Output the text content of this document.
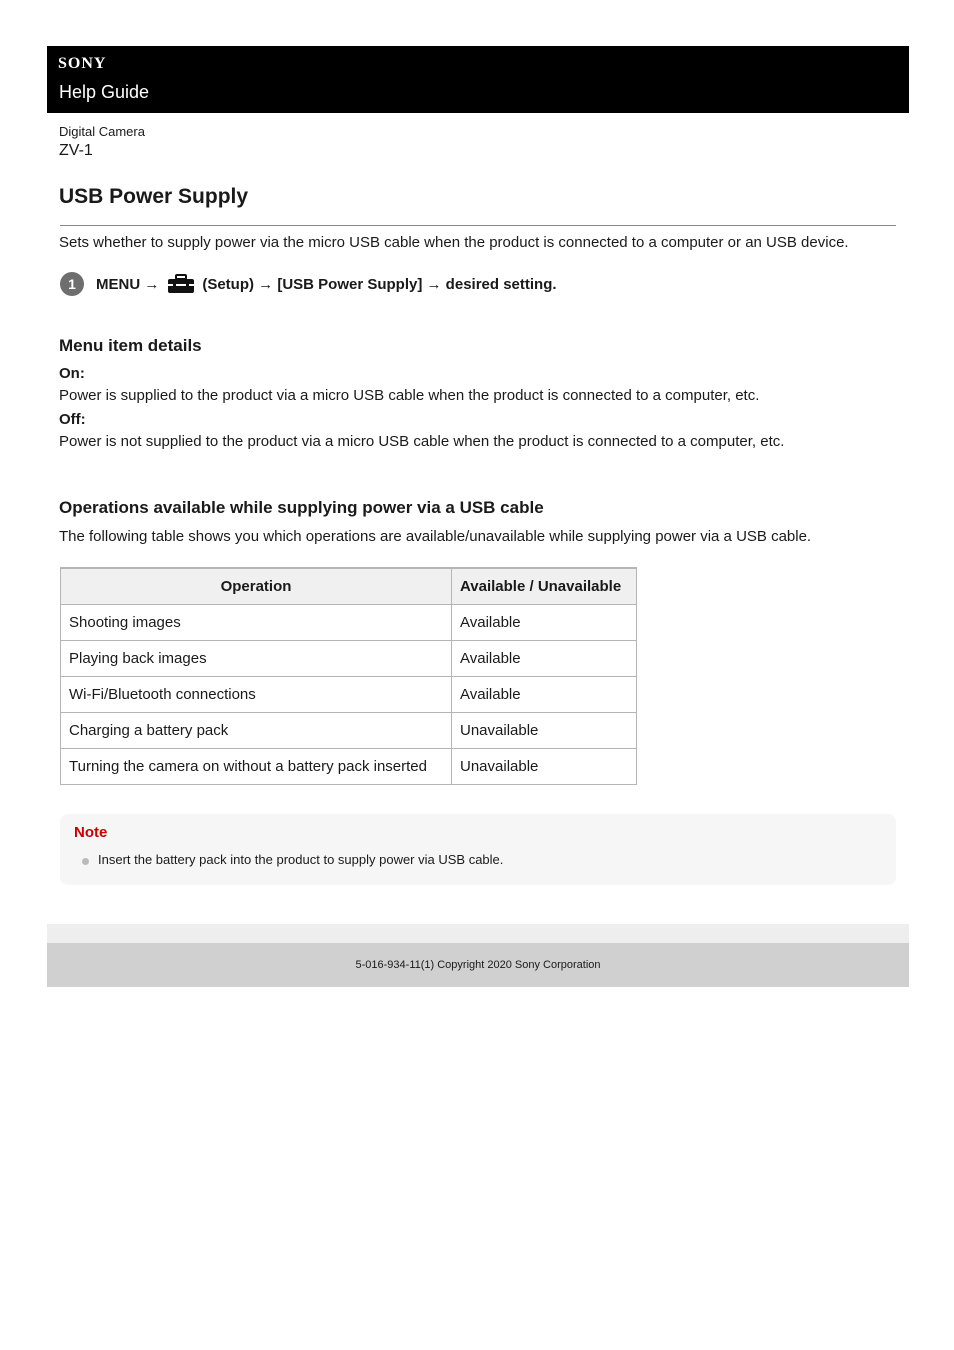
SONY
Help Guide
Digital Camera
ZV-1
USB Power Supply
Sets whether to supply power via the micro USB cable when the product is connected to a computer or an USB device.
1	MENU →	(Setup) → [USB Power Supply] → desired setting.
Menu item details
On:
Power is supplied to the product via a micro USB cable when the product is connected to a computer, etc.
Off:
Power is not supplied to the product via a micro USB cable when the product is connected to a computer, etc.
Operations available while supplying power via a USB cable
The following table shows you which operations are available/unavailable while supplying power via a USB cable.
Operation	Available / Unavailable
Shooting images	Available
Playing back images	Available
Wi-Fi/Bluetooth connections	Available
Charging a battery pack	Unavailable
Turning the camera on without a battery pack inserted	Unavailable
Note
Insert the battery pack into the product to supply power via USB cable.
5-016-934-11(1) Copyright 2020 Sony Corporation
